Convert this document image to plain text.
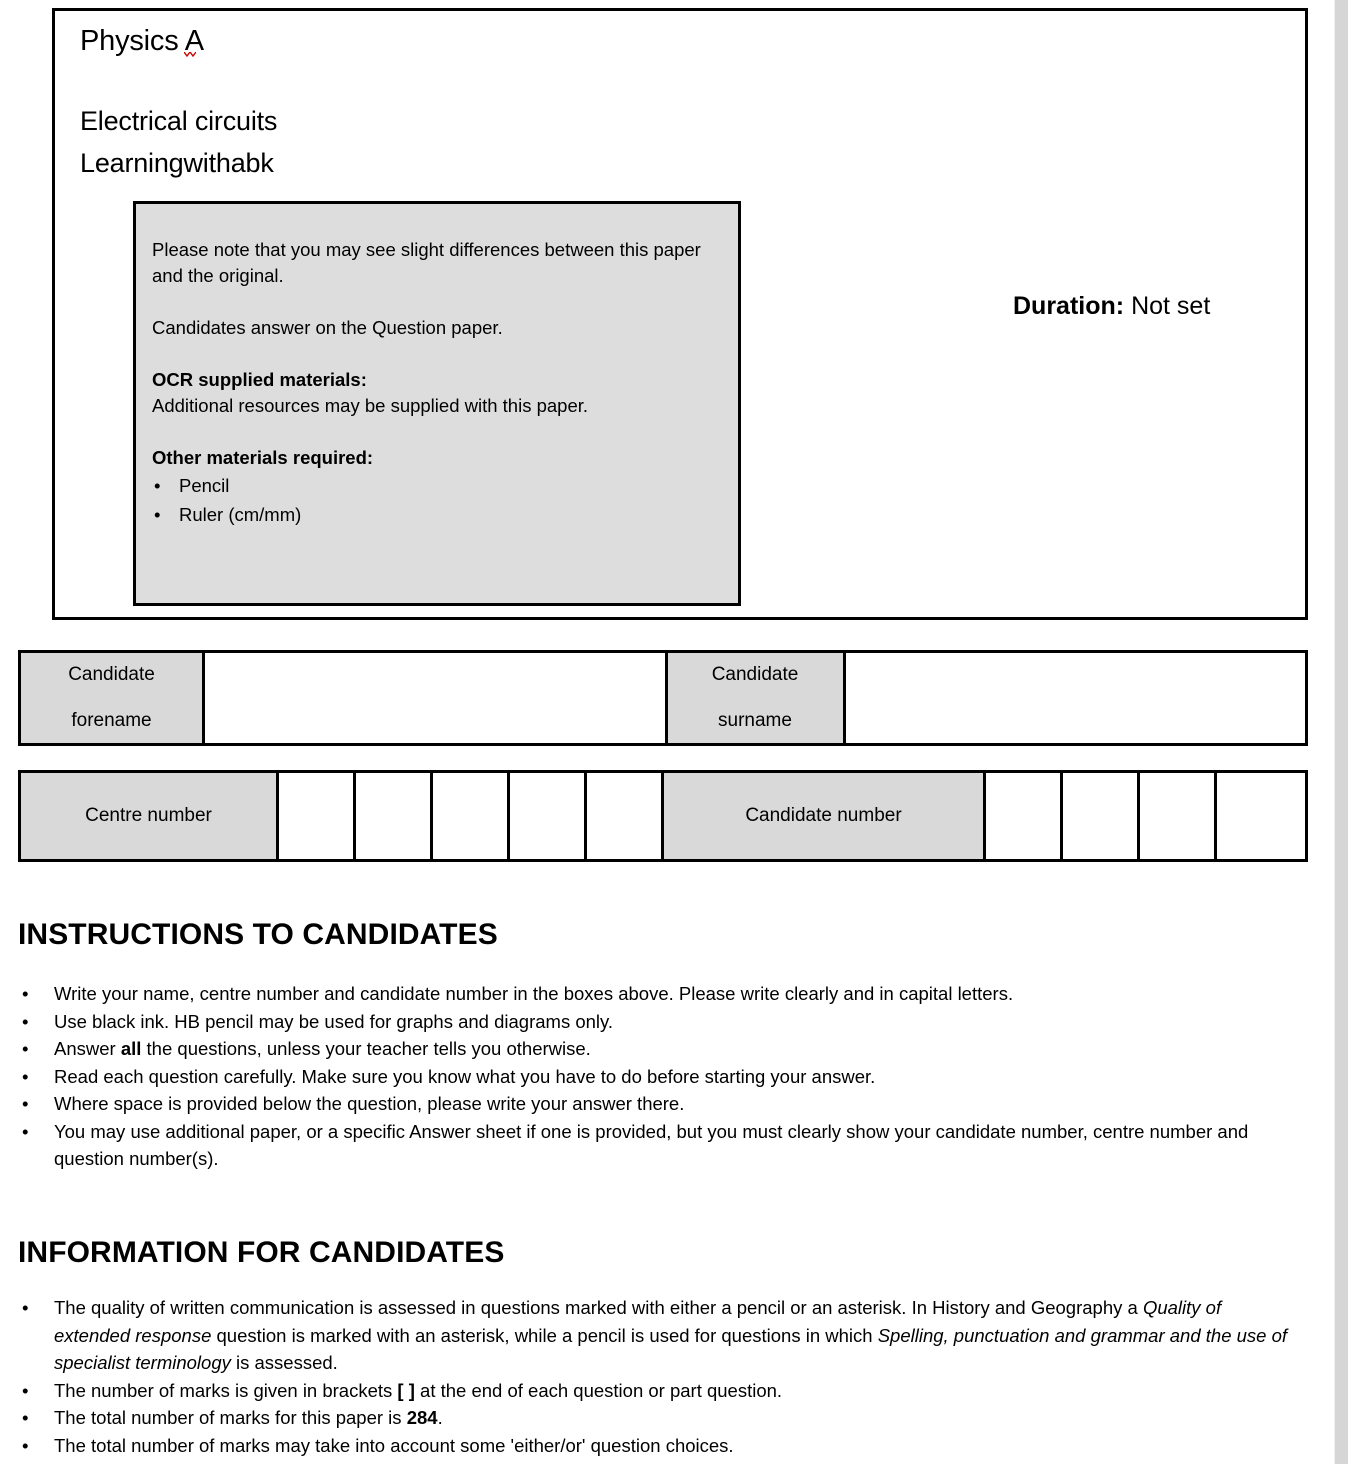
Physics A
Electrical circuits
Learningwithabk

Please note that you may see slight differences between this paper and the original.

Candidates answer on the Question paper.

OCR supplied materials:

Additional resources may be supplied with this paper.

Other materials required:

• Pencil
• Ruler (cm/mm)
Duration: Not set
Candidate
forename
Candidate
surname
Centre number	Candidate number
INSTRUCTIONS TO CANDIDATES
• Write your name, centre number and candidate number in the boxes above. Please write clearly and in capital letters.
• Use black ink. HB pencil may be used for graphs and diagrams only.
• Answer all the questions, unless your teacher tells you otherwise.
• Read each question carefully. Make sure you know what you have to do before starting your answer.
• Where space is provided below the question, please write your answer there.
• You may use additional paper, or a specific Answer sheet if one is provided, but you must clearly show your candidate number, centre number and question number(s).
INFORMATION FOR CANDIDATES
• The quality of written communication is assessed in questions marked with either a pencil or an asterisk. In History and Geography a Quality of extended response question is marked with an asterisk, while a pencil is used for questions in which Spelling, punctuation and grammar and the use of specialist terminology is assessed.
• The number of marks is given in brackets [ ] at the end of each question or part question.
• The total number of marks for this paper is 284.
• The total number of marks may take into account some 'either/or' question choices.
